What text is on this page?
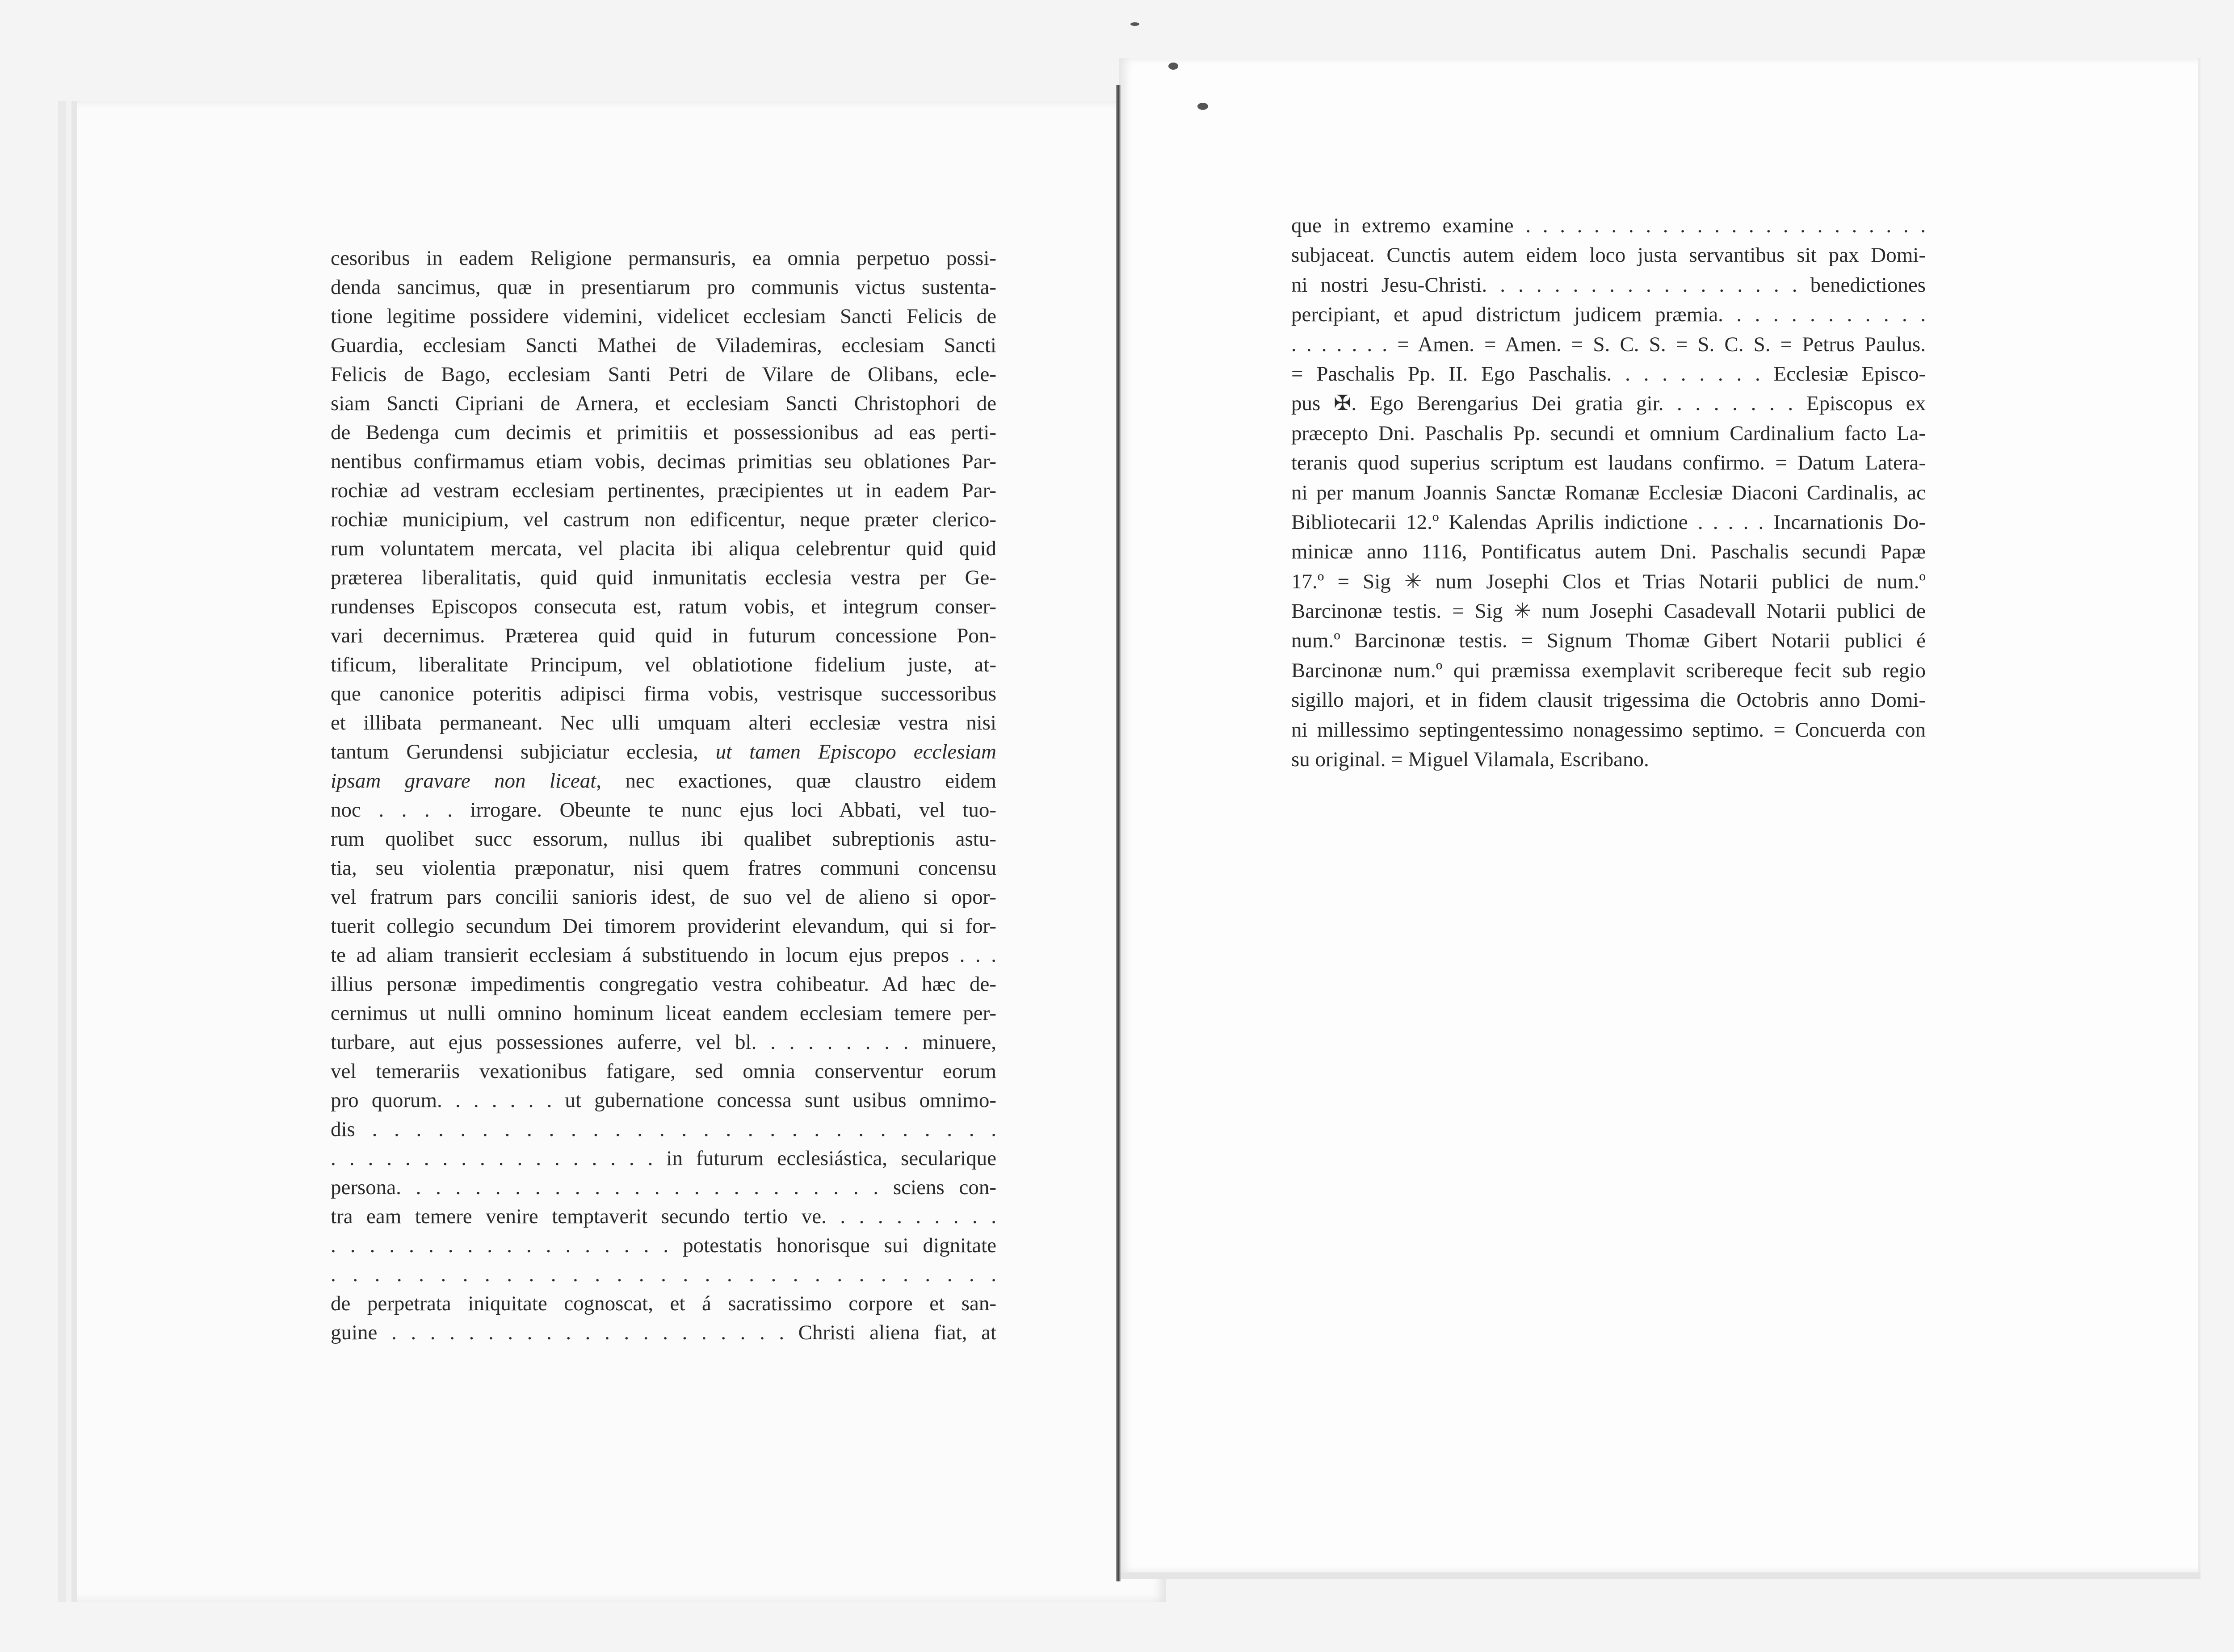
cesoribus in eadem Religione permansuris, ea omnia perpetuo possi-
denda sancimus, quæ in presentiarum pro communis victus sustenta-
tione legitime possidere videmini, videlicet ecclesiam Sancti Felicis de
Guardia, ecclesiam Sancti Mathei de Vilademiras, ecclesiam Sancti
Felicis de Bago, ecclesiam Santi Petri de Vilare de Olibans, ecle-
siam Sancti Cipriani de Arnera, et ecclesiam Sancti Christophori de
de Bedenga cum decimis et primitiis et possessionibus ad eas perti-
nentibus confirmamus etiam vobis, decimas primitias seu oblationes Par-
rochiæ ad vestram ecclesiam pertinentes, præcipientes ut in eadem Par-
rochiæ municipium, vel castrum non edificentur, neque præter clerico-
rum voluntatem mercata, vel placita ibi aliqua celebrentur quid quid
præterea liberalitatis, quid quid inmunitatis ecclesia vestra per Ge-
rundenses Episcopos consecuta est, ratum vobis, et integrum conser-
vari decernimus. Præterea quid quid in futurum concessione Pon-
tificum, liberalitate Principum, vel oblatiotione fidelium juste, at-
que canonice poteritis adipisci firma vobis, vestrisque successoribus
et illibata permaneant. Nec ulli umquam alteri ecclesiæ vestra nisi
tantum Gerundensi subjiciatur ecclesia, ut tamen Episcopo ecclesiam
ipsam gravare non liceat, nec exactiones, quæ claustro eidem
noc . . . . irrogare. Obeunte te nunc ejus loci Abbati, vel tuo-
rum quolibet succ essorum, nullus ibi qualibet subreptionis astu-
tia, seu violentia præponatur, nisi quem fratres communi concensu
vel fratrum pars concilii sanioris idest, de suo vel de alieno si opor-
tuerit collegio secundum Dei timorem providerint elevandum, qui si for-
te ad aliam transierit ecclesiam á substituendo in locum ejus prepos . . .
illius personæ impedimentis congregatio vestra cohibeatur. Ad hæc de-
cernimus ut nulli omnino hominum liceat eandem ecclesiam temere per-
turbare, aut ejus possessiones auferre, vel bl. . . . . . . . . minuere,
vel temerariis vexationibus fatigare, sed omnia conserventur eorum
pro quorum. . . . . . . ut gubernatione concessa sunt usibus omnimo-
dis . . . . . . . . . . . . . . . . . . . . . . . . . . . . .
. . . . . . . . . . . . . . . . . . in futurum ecclesiástica, secularique
persona. . . . . . . . . . . . . . . . . . . . . . . . . sciens con-
tra eam temere venire temptaverit secundo tertio ve. . . . . . . . . .
. . . . . . . . . . . . . . . . . . potestatis honorisque sui dignitate
. . . . . . . . . . . . . . . . . . . . . . . . . . . . . . .
de perpetrata iniquitate cognoscat, et á sacratissimo corpore et san-
guine . . . . . . . . . . . . . . . . . . . . . Christi aliena fiat, at
que in extremo examine . . . . . . . . . . . . . . . . . . . . . . . .
subjaceat. Cunctis autem eidem loco justa servantibus sit pax Domi-
ni nostri Jesu-Christi. . . . . . . . . . . . . . . . . . benedictiones
percipiant, et apud districtum judicem præmia. . . . . . . . . . . .
. . . . . . . = Amen. = Amen. = S. C. S. = S. C. S. = Petrus Paulus.
= Paschalis Pp. II. Ego Paschalis. . . . . . . . . Ecclesiæ Episco-
pus ✠. Ego Berengarius Dei gratia gir. . . . . . . . Episcopus ex
præcepto Dni. Paschalis Pp. secundi et omnium Cardinalium facto La-
teranis quod superius scriptum est laudans confirmo. = Datum Latera-
ni per manum Joannis Sanctæ Romanæ Ecclesiæ Diaconi Cardinalis, ac
Bibliotecarii 12.º Kalendas Aprilis indictione . . . . . Incarnationis Do-
minicæ anno 1116, Pontificatus autem Dni. Paschalis secundi Papæ
17.º = Sig ✳ num Josephi Clos et Trias Notarii publici de num.º
Barcinonæ testis. = Sig ✳ num Josephi Casadevall Notarii publici de
num.º Barcinonæ testis. = Signum Thomæ Gibert Notarii publici é
Barcinonæ num.º qui præmissa exemplavit scribereque fecit sub regio
sigillo majori, et in fidem clausit trigessima die Octobris anno Domi-
ni millessimo septingentessimo nonagessimo septimo. = Concuerda con
su original. = Miguel Vilamala, Escribano.
